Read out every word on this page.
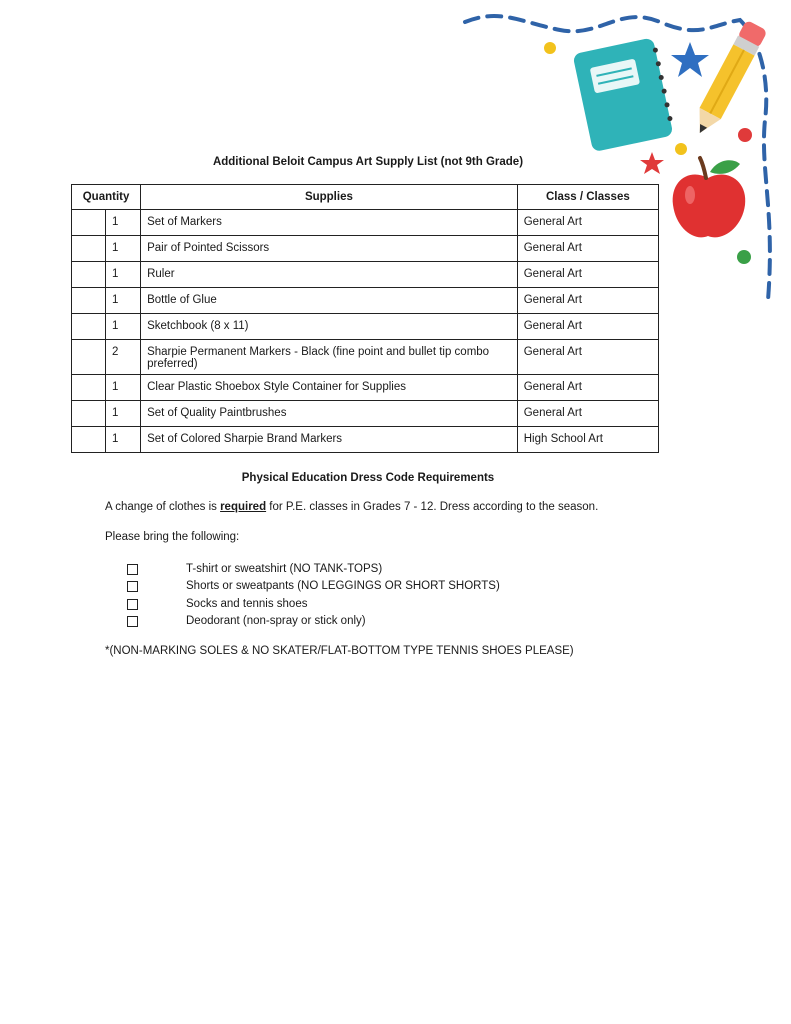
Additional Beloit Campus Art Supply List (not 9th Grade)
Quantity		Supplies	Class / Classes
	1	Set of Markers	General Art
	1	Pair of Pointed Scissors	General Art
	1	Ruler	General Art
	1	Bottle of Glue	General Art
	1	Sketchbook (8 x 11)	General Art
	2	Sharpie Permanent Markers - Black (fine point and bullet tip combo preferred)	General Art
	1	Clear Plastic Shoebox Style Container for Supplies	General Art
	1	Set of Quality Paintbrushes	General Art
	1	Set of Colored Sharpie Brand Markers	High School Art
Physical Education Dress Code Requirements
A change of clothes is required for P.E. classes in Grades 7 - 12. Dress according to the season.
Please bring the following:
T-shirt or sweatshirt (NO TANK-TOPS)
Shorts or sweatpants (NO LEGGINGS OR SHORT SHORTS)
Socks and tennis shoes
Deodorant (non-spray or stick only)
*(NON-MARKING SOLES & NO SKATER/FLAT-BOTTOM TYPE TENNIS SHOES PLEASE)
